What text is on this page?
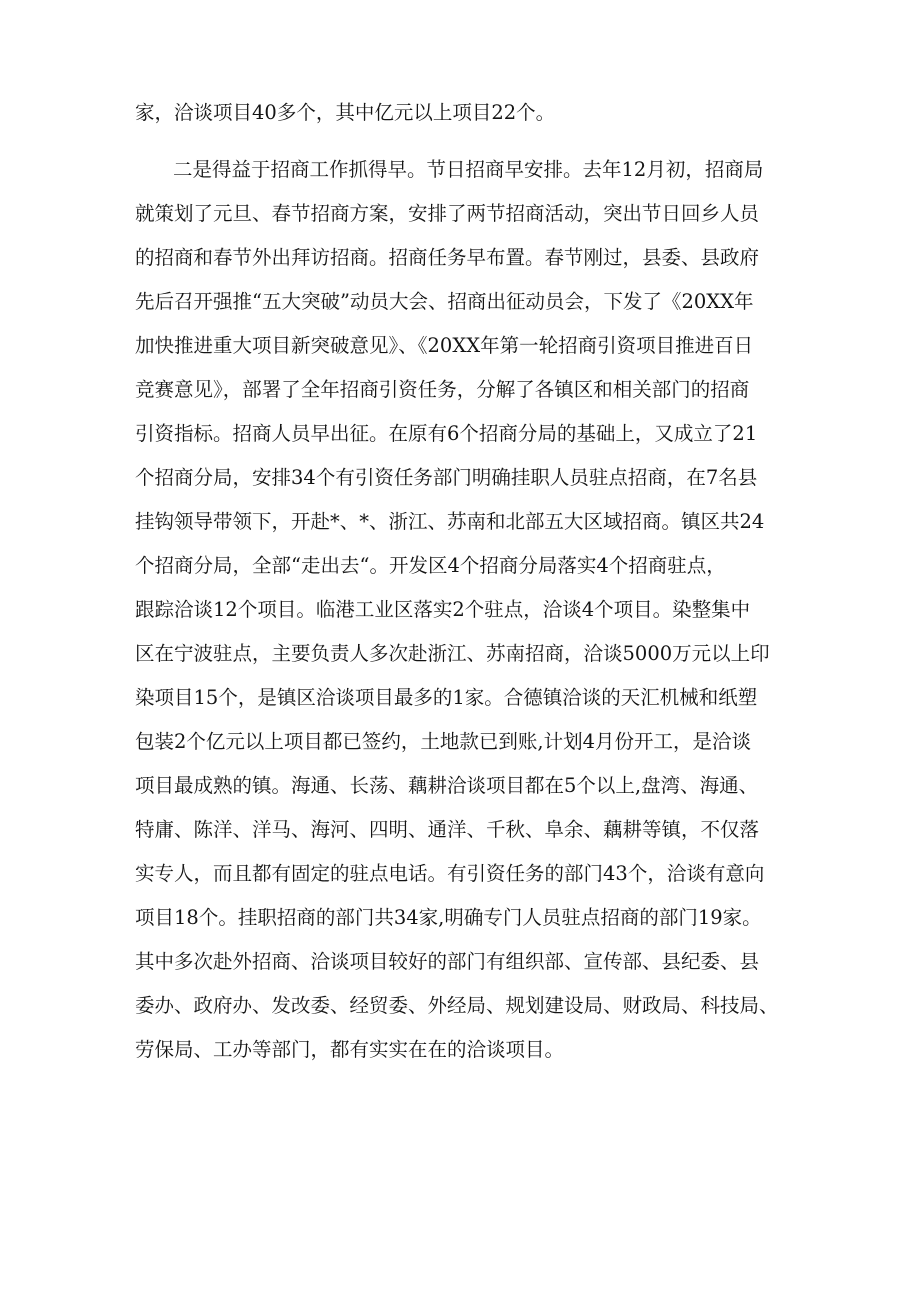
家，洽谈项目40多个，其中亿元以上项目22个。
二是得益于招商工作抓得早。节日招商早安排。去年12月初，招商局
就策划了元旦、春节招商方案，安排了两节招商活动，突出节日回乡人员
的招商和春节外出拜访招商。招商任务早布置。春节刚过，县委、县政府
先后召开强推“五大突破”动员大会、招商出征动员会，下发了《20XX年
加快推进重大项目新突破意见》、《20XX年第一轮招商引资项目推进百日
竞赛意见》，部署了全年招商引资任务，分解了各镇区和相关部门的招商
引资指标。招商人员早出征。在原有6个招商分局的基础上，又成立了21
个招商分局，安排34个有引资任务部门明确挂职人员驻点招商，在7名县
挂钩领导带领下，开赴*、*、浙江、苏南和北部五大区域招商。镇区共24
个招商分局，全部“走出去“。开发区4个招商分局落实4个招商驻点，
跟踪洽谈12个项目。临港工业区落实2个驻点，洽谈4个项目。染整集中
区在宁波驻点，主要负责人多次赴浙江、苏南招商，洽谈5000万元以上印
染项目15个，是镇区洽谈项目最多的1家。合德镇洽谈的天汇机械和纸塑
包装2个亿元以上项目都已签约，土地款已到账,计划4月份开工，是洽谈
项目最成熟的镇。海通、长荡、藕耕洽谈项目都在5个以上,盘湾、海通、
特庸、陈洋、洋马、海河、四明、通洋、千秋、阜余、藕耕等镇，不仅落
实专人，而且都有固定的驻点电话。有引资任务的部门43个，洽谈有意向
项目18个。挂职招商的部门共34家,明确专门人员驻点招商的部门19家。
其中多次赴外招商、洽谈项目较好的部门有组织部、宣传部、县纪委、县
委办、政府办、发改委、经贸委、外经局、规划建设局、财政局、科技局、
劳保局、工办等部门，都有实实在在的洽谈项目。
